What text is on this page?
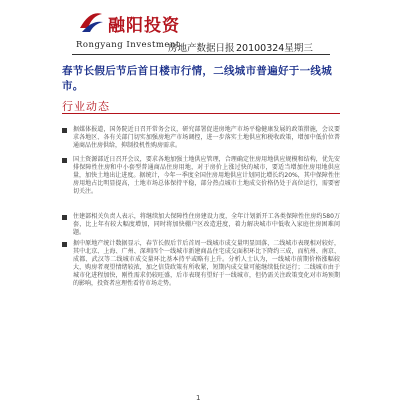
融阳投资
Rongyang Investment
房地产数据日报 20100324星期三
春节长假后节后首日楼市行情，二线城市普遍好于一线城市。
行业动态
据媒体报道，国务院近日召开常务会议，研究部署促进房地产市场平稳健康发展的政策措施，会议要求各地区、各有关部门切实加强房地产市场调控，进一步落实土地供应和税收政策，增加中低价位普通商品住房供给，抑制投机性购房需求。
国土资源部近日召开会议，要求各地加强土地供应管理，合理确定住房用地供应规模和结构，优先安排保障性住房和中小套型普通商品住房用地，对于房价上涨过快的城市，要适当增加住房用地供应量，加快土地出让进度。据统计，今年一季度全国住房用地供应计划同比增长约20%，其中保障性住房用地占比明显提高，土地市场总体保持平稳，部分热点城市土地成交价格仍处于高位运行，需要密切关注。
住建部相关负责人表示，将继续加大保障性住房建设力度，全年计划新开工各类保障性住房约580万套，比上年有较大幅度增加，同时将加快棚户区改造进度，着力解决城市中低收入家庭住房困难问题。
据中原地产统计数据显示，春节长假后节后首周一线城市成交量明显回落，二线城市表现相对较好，其中北京、上海、广州、深圳四个一线城市新建商品住宅成交面积环比下降约三成，而杭州、南京、成都、武汉等二线城市成交量环比基本持平或略有上升。分析人士认为，一线城市前期价格涨幅较大，购房者观望情绪较浓，加之信贷政策有所收紧，短期内成交量可能继续低位运行；二线城市由于城市化进程加快，刚性需求仍较旺盛，后市表现有望好于一线城市，但仍需关注政策变化对市场预期的影响，投资者应理性看待市场走势。
1
